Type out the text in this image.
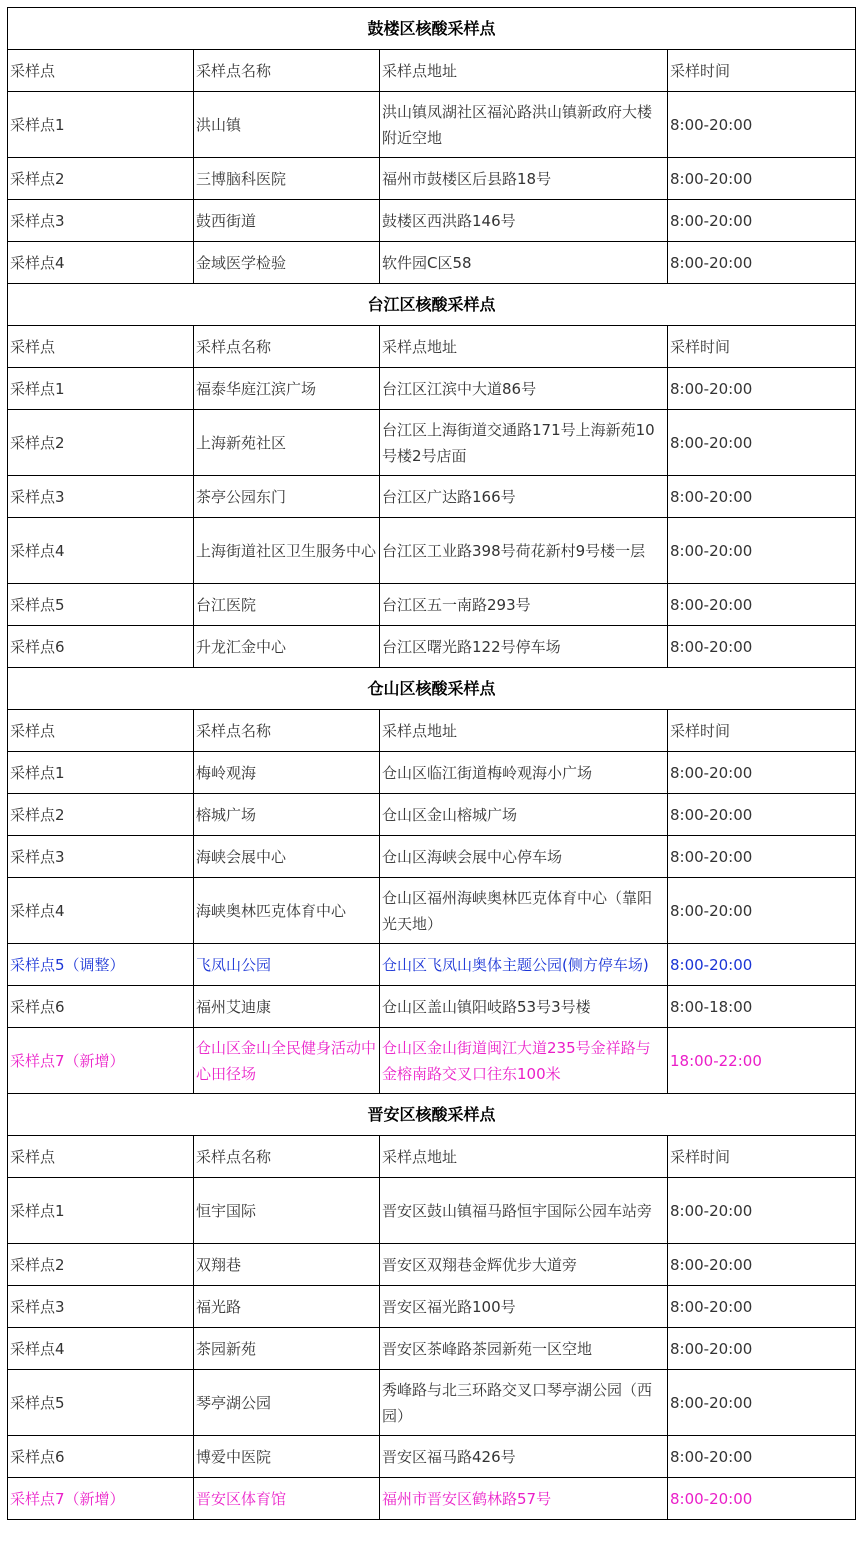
鼓楼区核酸采样点			
采样点	采样点名称	采样点地址	采样时间
采样点1	洪山镇	洪山镇凤湖社区福沁路洪山镇新政府大楼附近空地	8:00-20:00
采样点2	三博脑科医院	福州市鼓楼区后县路18号	8:00-20:00
采样点3	鼓西街道	鼓楼区西洪路146号	8:00-20:00
采样点4	金域医学检验	软件园C区58	8:00-20:00
台江区核酸采样点			
采样点	采样点名称	采样点地址	采样时间
采样点1	福泰华庭江滨广场	台江区江滨中大道86号	8:00-20:00
采样点2	上海新苑社区	台江区上海街道交通路171号上海新苑10号楼2号店面	8:00-20:00
采样点3	茶亭公园东门	台江区广达路166号	8:00-20:00
采样点4	上海街道社区卫生服务中心	台江区工业路398号荷花新村9号楼一层	8:00-20:00
采样点5	台江医院	台江区五一南路293号	8:00-20:00
采样点6	升龙汇金中心	台江区曙光路122号停车场	8:00-20:00
仓山区核酸采样点			
采样点	采样点名称	采样点地址	采样时间
采样点1	梅岭观海	仓山区临江街道梅岭观海小广场	8:00-20:00
采样点2	榕城广场	仓山区金山榕城广场	8:00-20:00
采样点3	海峡会展中心	仓山区海峡会展中心停车场	8:00-20:00
采样点4	海峡奥林匹克体育中心	仓山区福州海峡奥林匹克体育中心（靠阳光天地）	8:00-20:00
采样点5（调整）	飞凤山公园	仓山区飞凤山奥体主题公园(侧方停车场)	8:00-20:00
采样点6	福州艾迪康	仓山区盖山镇阳岐路53号3号楼	8:00-18:00
采样点7（新增）	仓山区金山全民健身活动中心田径场	仓山区金山街道闽江大道235号金祥路与金榕南路交叉口往东100米	18:00-22:00
晋安区核酸采样点			
采样点	采样点名称	采样点地址	采样时间
采样点1	恒宇国际	晋安区鼓山镇福马路恒宇国际公园车站旁	8:00-20:00
采样点2	双翔巷	晋安区双翔巷金辉优步大道旁	8:00-20:00
采样点3	福光路	晋安区福光路100号	8:00-20:00
采样点4	茶园新苑	晋安区茶峰路茶园新苑一区空地	8:00-20:00
采样点5	琴亭湖公园	秀峰路与北三环路交叉口琴亭湖公园（西园）	8:00-20:00
采样点6	博爱中医院	晋安区福马路426号	8:00-20:00
采样点7（新增）	晋安区体育馆	福州市晋安区鹤林路57号	8:00-20:00
